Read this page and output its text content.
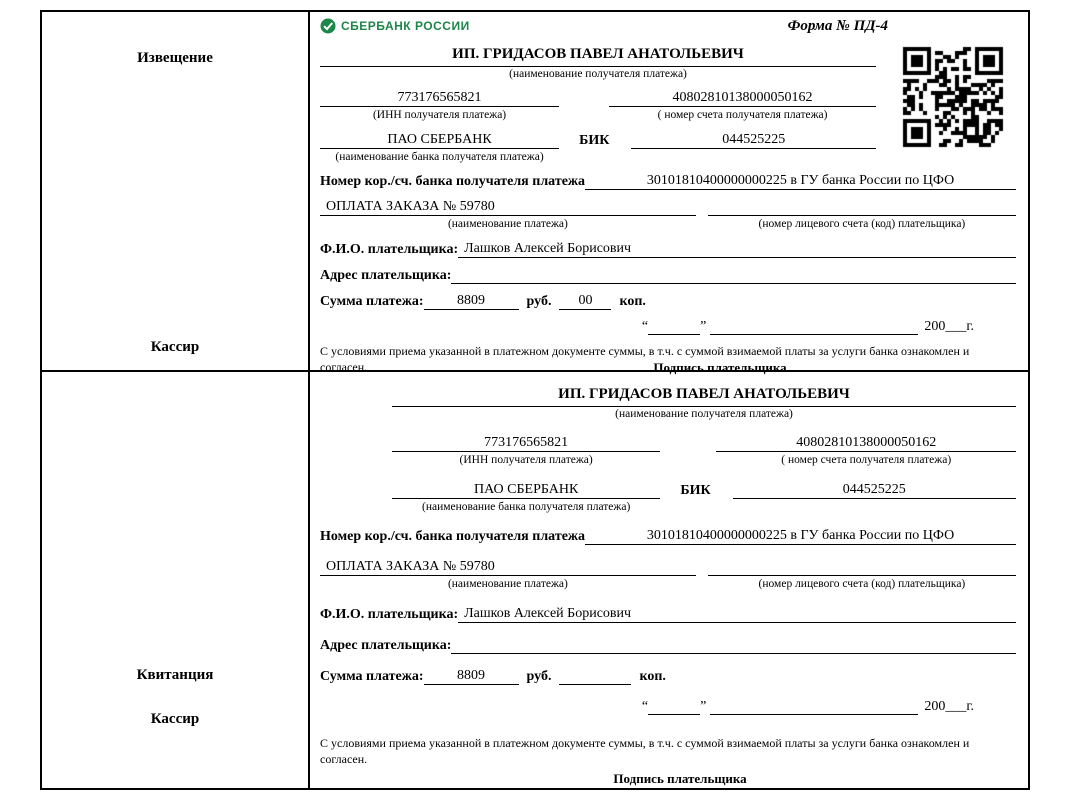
Извещение
Кассир
СБЕРБАНК РОССИИ	Форма № ПД-4
ИП. ГРИДАСОВ ПАВЕЛ АНАТОЛЬЕВИЧ
(наименование получателя платежа)
773176565821	40802810138000050162
(ИНН получателя платежа)	( номер счета получателя платежа)
ПАО СБЕРБАНК	БИК	044525225
(наименование банка получателя платежа)
Номер кор./сч. банка получателя платежа	30101810400000000225 в ГУ банка России по ЦФО
ОПЛАТА ЗАКАЗА № 59780
(наименование платежа)	(номер лицевого счета (код) плательщика)
Ф.И.О. плательщика: Лашков Алексей Борисович
Адрес плательщика:
Сумма платежа:	8809	руб.	00	коп.
“	”	200___г.
С условиями приема указанной в платежном документе суммы, в т.ч. с суммой взимаемой платы за услуги банка ознакомлен и согласен.	Подпись плательщика
Квитанция
Кассир
ИП. ГРИДАСОВ ПАВЕЛ АНАТОЛЬЕВИЧ
(наименование получателя платежа)
773176565821	40802810138000050162
(ИНН получателя платежа)	( номер счета получателя платежа)
ПАО СБЕРБАНК	БИК	044525225
(наименование банка получателя платежа)
Номер кор./сч. банка получателя платежа	30101810400000000225 в ГУ банка России по ЦФО
ОПЛАТА ЗАКАЗА № 59780
(наименование платежа)	(номер лицевого счета (код) плательщика)
Ф.И.О. плательщика: Лашков Алексей Борисович
Адрес плательщика:
Сумма платежа:	8809	руб.	коп.
“	”	200___г.
С условиями приема указанной в платежном документе суммы, в т.ч. с суммой взимаемой платы за услуги банка ознакомлен и согласен.
Подпись плательщика
